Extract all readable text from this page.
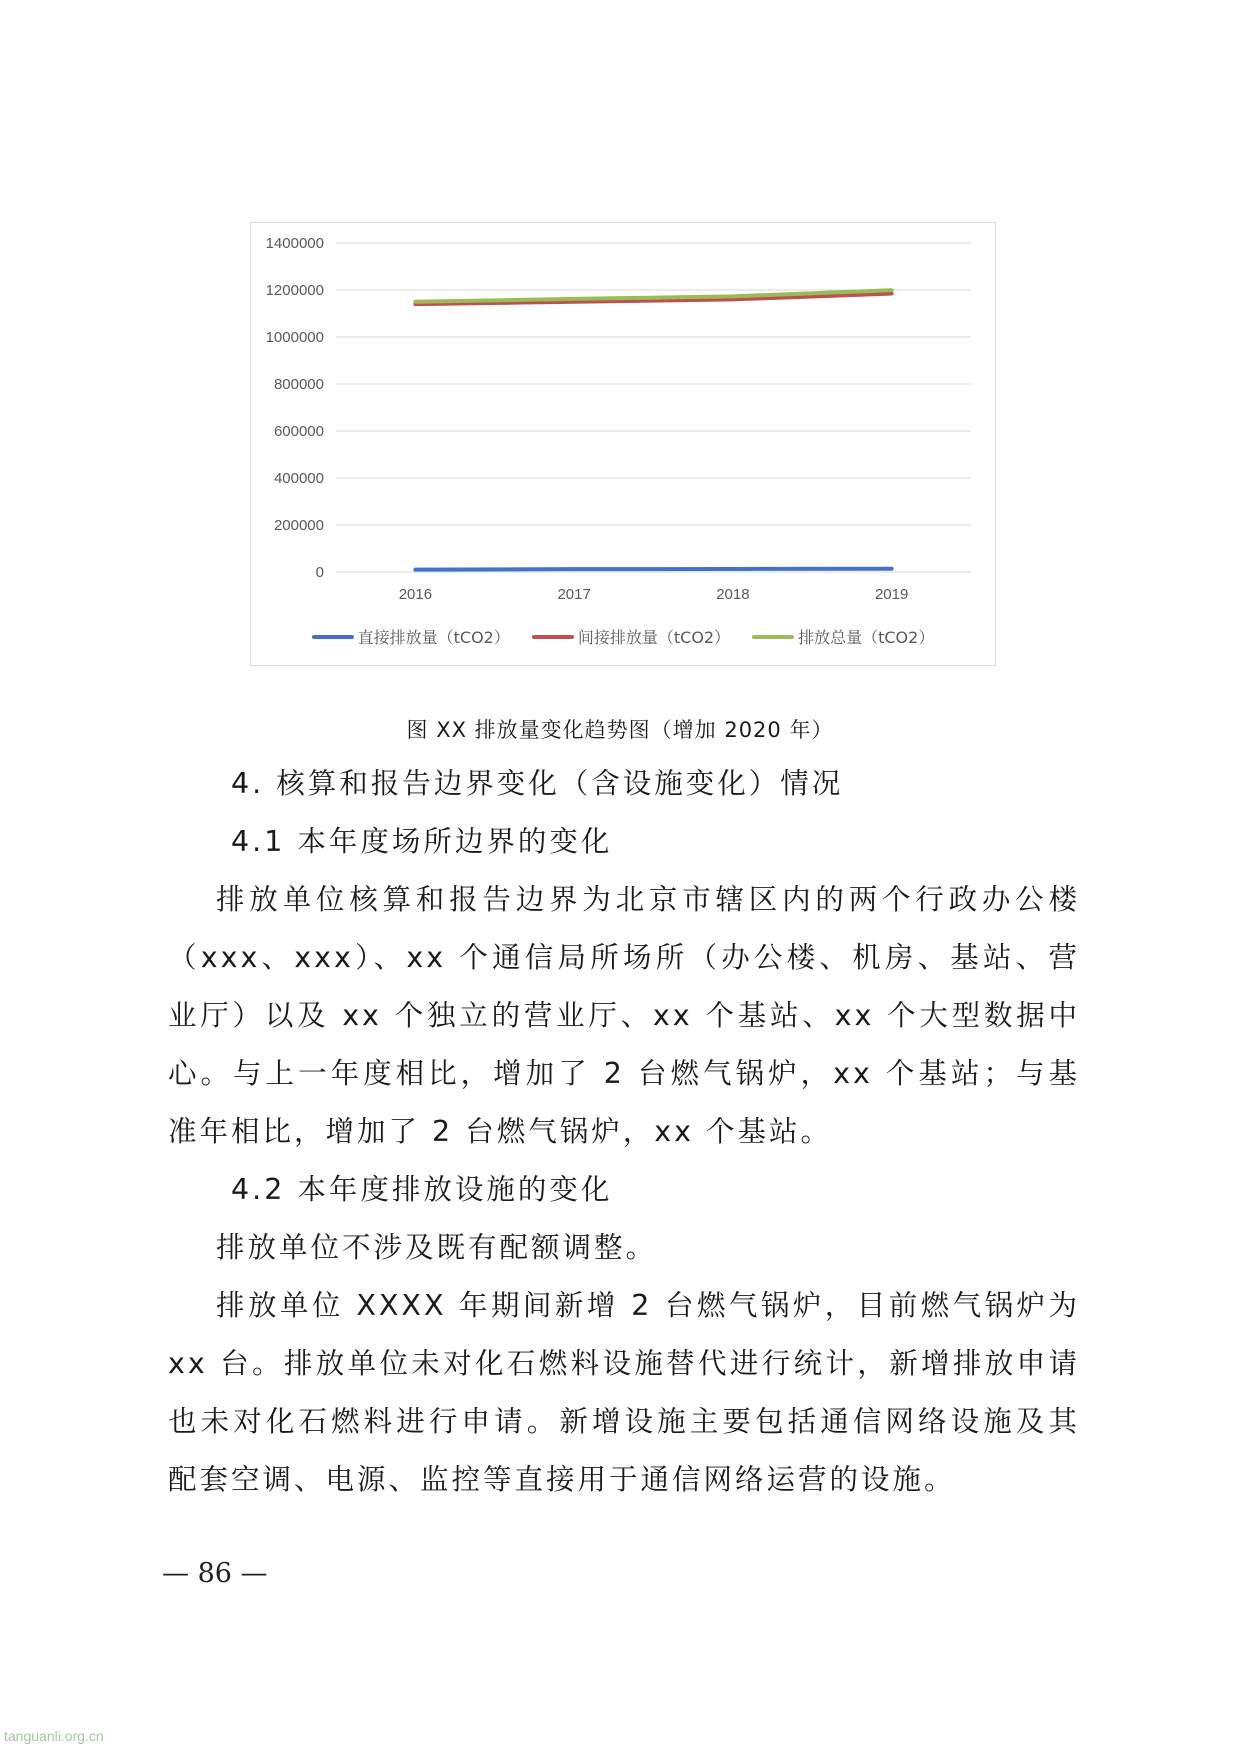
0
200000
400000
600000
800000
1000000
1200000
1400000
2016	2017	2018	2019
直接排放量（tCO2）	间接排放量（tCO2）	排放总量（tCO2）
图 XX 排放量变化趋势图（增加 2020 年）

4. 核算和报告边界变化（含设施变化）情况

4.1 本年度场所边界的变化

排放单位核算和报告边界为北京市辖区内的两个行政办公楼（xxx、xxx）、xx 个通信局所场所（办公楼、机房、基站、营业厅）以及 xx 个独立的营业厅、xx 个基站、xx 个大型数据中心。与上一年度相比，增加了 2 台燃气锅炉，xx 个基站；与基准年相比，增加了 2 台燃气锅炉，xx 个基站。

4.2 本年度排放设施的变化

排放单位不涉及既有配额调整。

排放单位 XXXX 年期间新增 2 台燃气锅炉，目前燃气锅炉为 xx 台。排放单位未对化石燃料设施替代进行统计，新增排放申请也未对化石燃料进行申请。新增设施主要包括通信网络设施及其配套空调、电源、监控等直接用于通信网络运营的设施。

— 86 —
tanguanli.org.cn
